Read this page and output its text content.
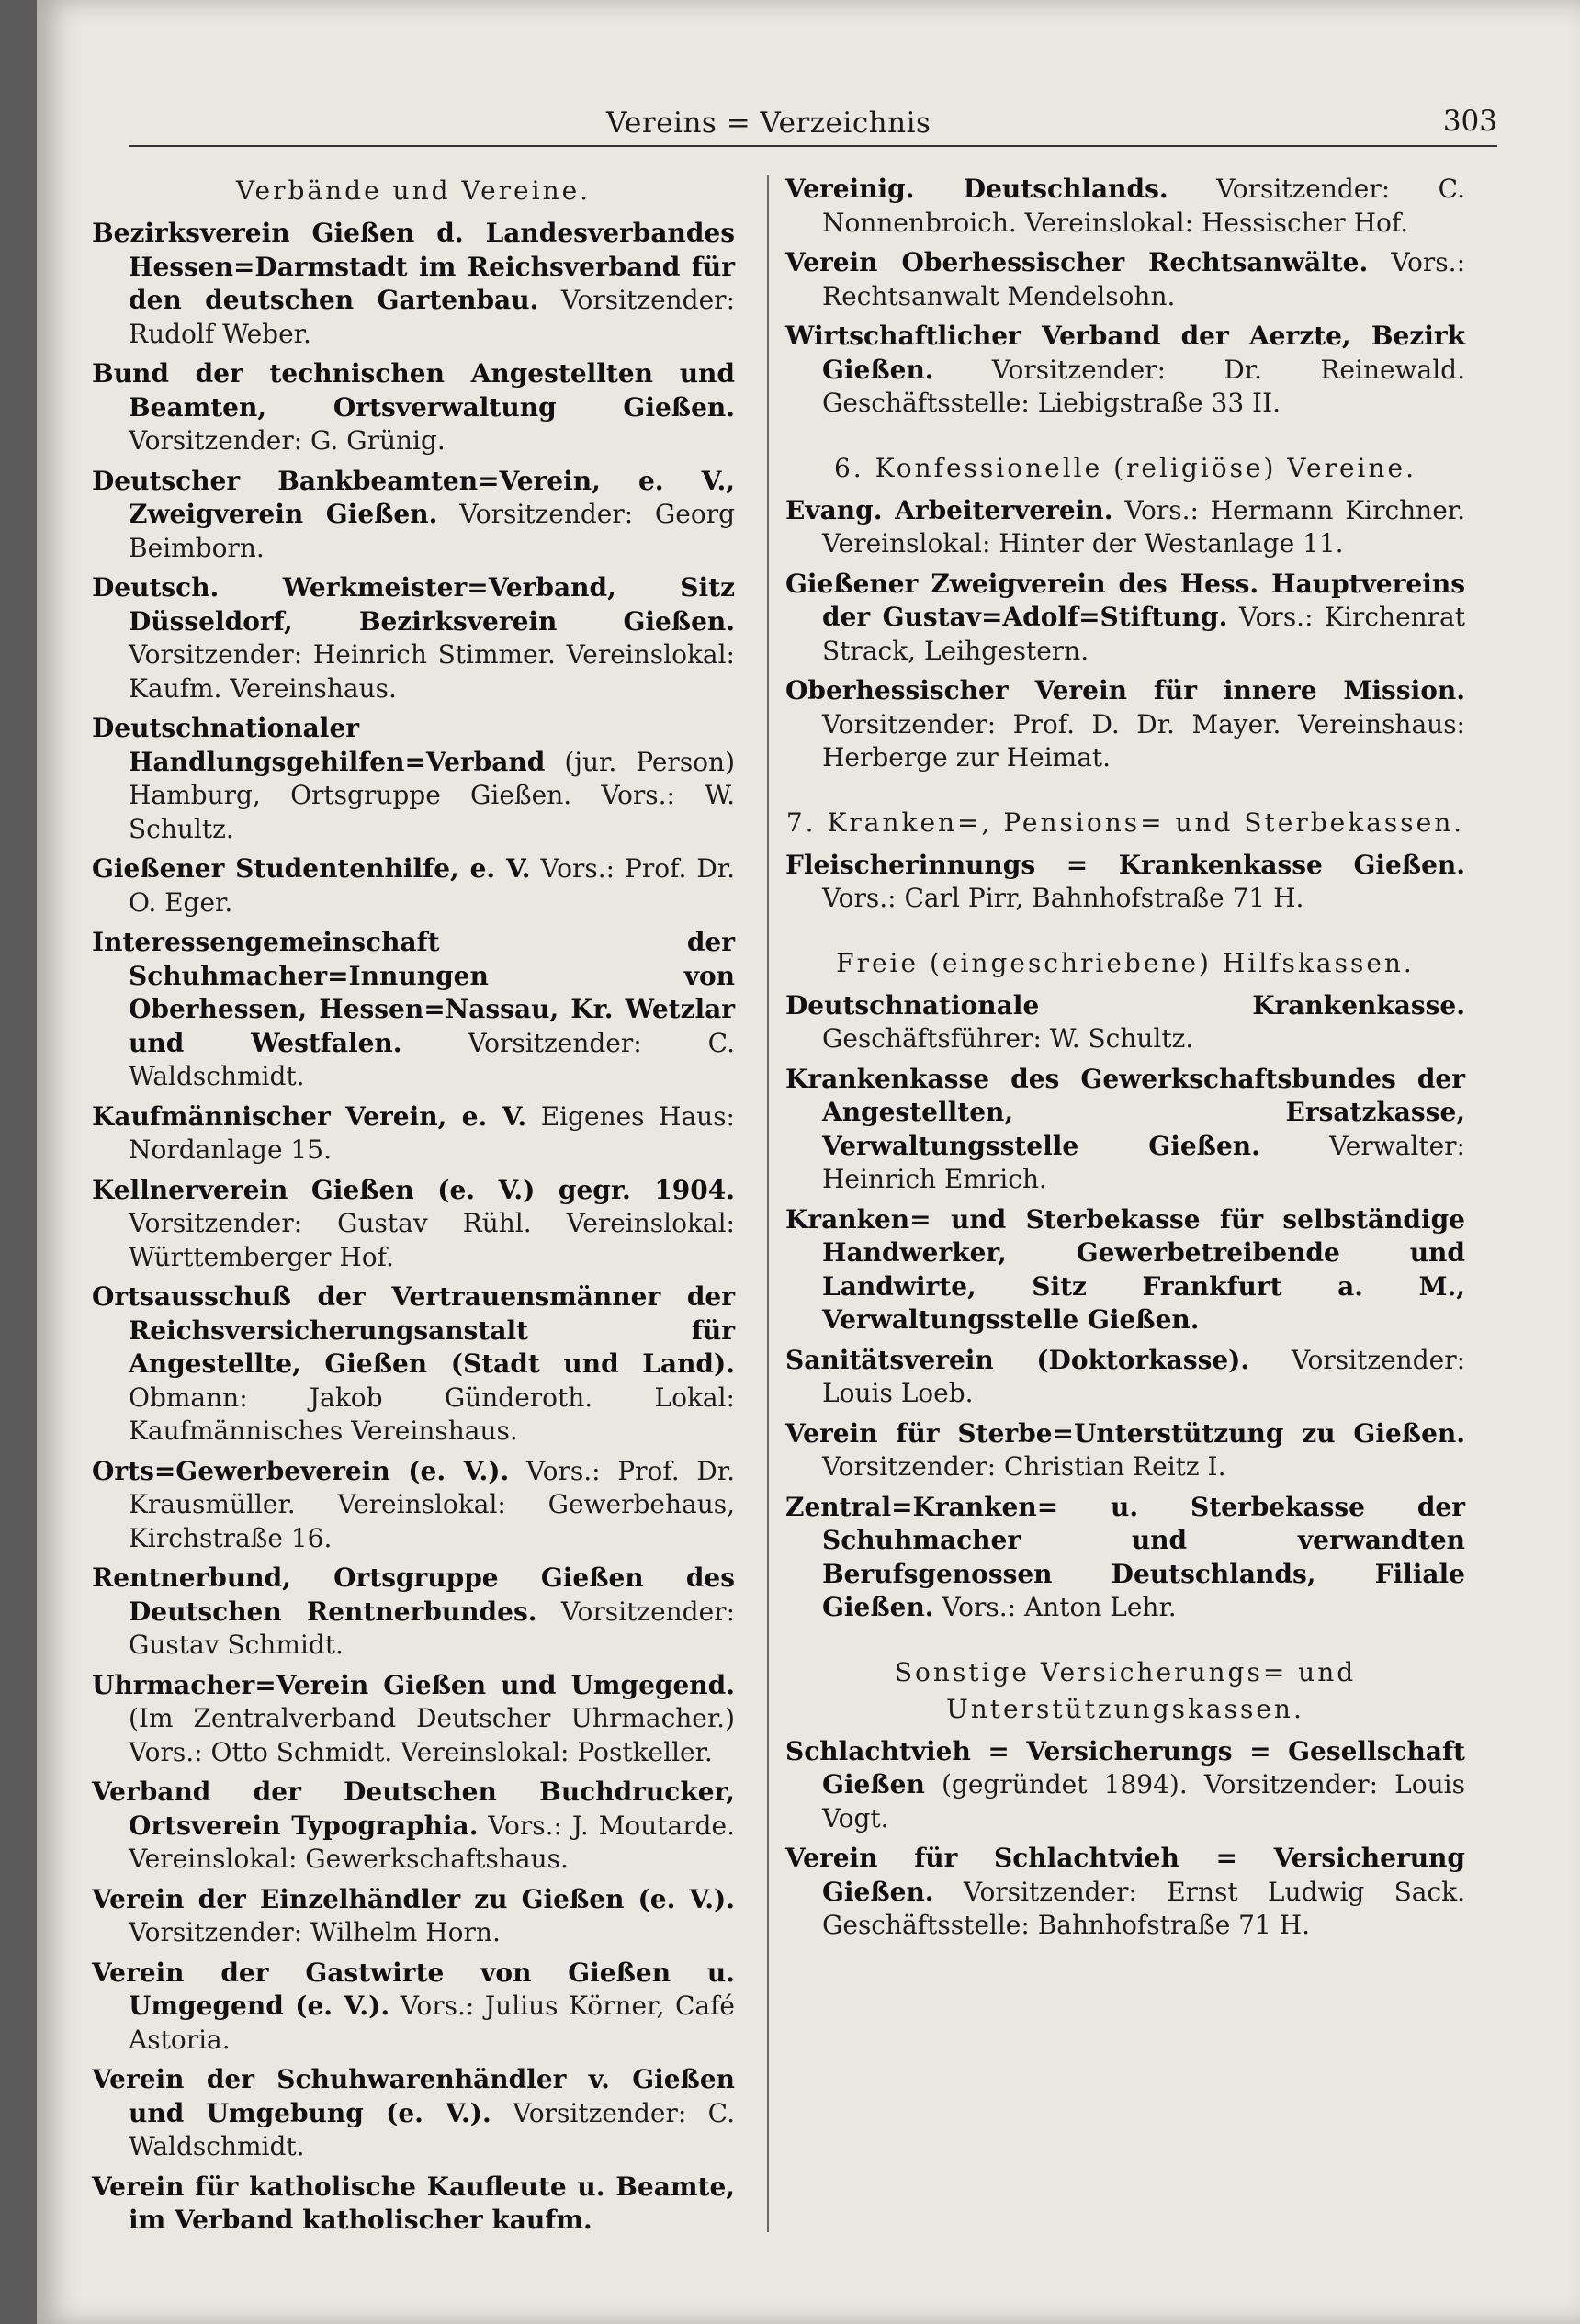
Vereins = Verzeichnis	303
Verbände und Vereine.

Bezirksverein Gießen d. Landesverbandes Hessen=Darmstadt im Reichsverband für den deutschen Gartenbau. Vorsitzender: Rudolf Weber.

Bund der technischen Angestellten und Beamten, Ortsverwaltung Gießen. Vorsitzender: G. Grünig.

Deutscher Bankbeamten=Verein, e. V., Zweigverein Gießen. Vorsitzender: Georg Beimborn.

Deutsch. Werkmeister=Verband, Sitz Düsseldorf, Bezirksverein Gießen. Vorsitzender: Heinrich Stimmer. Vereinslokal: Kaufm. Vereinshaus.

Deutschnationaler Handlungsgehilfen=Verband (jur. Person) Hamburg, Ortsgruppe Gießen. Vors.: W. Schultz.

Gießener Studentenhilfe, e. V. Vors.: Prof. Dr. O. Eger.

Interessengemeinschaft der Schuhmacher=Innungen von Oberhessen, Hessen=Nassau, Kr. Wetzlar und Westfalen.	Vorsitzender: C. Waldschmidt.

Kaufmännischer Verein, e. V. Eigenes Haus: Nordanlage 15.

Kellnerverein Gießen (e. V.) gegr. 1904. Vorsitzender: Gustav Rühl. Vereinslokal: Württemberger Hof.

Ortsausschuß der Vertrauensmänner der Reichsversicherungsanstalt für Angestellte, Gießen (Stadt und Land). Obmann: Jakob Günderoth. Lokal: Kaufmännisches Vereinshaus.

Orts=Gewerbeverein (e. V.). Vors.: Prof. Dr. Krausmüller. Vereinslokal: Gewerbehaus, Kirchstraße 16.

Rentnerbund, Ortsgruppe Gießen des Deutschen Rentnerbundes. Vorsitzender: Gustav Schmidt.

Uhrmacher=Verein Gießen und Umgegend. (Im Zentralverband Deutscher Uhrmacher.) Vors.: Otto Schmidt. Vereinslokal: Postkeller.

Verband der Deutschen Buchdrucker, Ortsverein Typographia. Vors.: J. Moutarde. Vereinslokal: Gewerkschaftshaus.

Verein der Einzelhändler zu Gießen (e. V.). Vorsitzender: Wilhelm Horn.

Verein der Gastwirte von Gießen u. Umgegend (e. V.). Vors.: Julius Körner, Café Astoria.

Verein der Schuhwarenhändler v. Gießen und Umgebung (e. V.). Vorsitzender: C. Waldschmidt.

Verein für katholische Kaufleute u. Beamte, im Verband katholischer kaufm.

Vereinig. Deutschlands. Vorsitzender: C. Nonnenbroich. Vereinslokal: Hessischer Hof.

Verein Oberhessischer Rechtsanwälte. Vors.: Rechtsanwalt Mendelsohn.

Wirtschaftlicher Verband der Aerzte, Bezirk Gießen. Vorsitzender: Dr. Reinewald. Geschäftsstelle: Liebigstraße 33 II.

6. Konfessionelle (religiöse) Vereine.

Evang. Arbeiterverein. Vors.: Hermann Kirchner. Vereinslokal: Hinter der Westanlage 11.

Gießener Zweigverein des Hess. Hauptvereins der Gustav=Adolf=Stiftung. Vors.: Kirchenrat Strack, Leihgestern.

Oberhessischer Verein für innere Mission. Vorsitzender: Prof. D. Dr. Mayer. Vereinshaus: Herberge zur Heimat.

7. Kranken=, Pensions= und Sterbekassen.

Fleischerinnungs = Krankenkasse Gießen. Vors.: Carl Pirr, Bahnhofstraße 71 H.

Freie (eingeschriebene) Hilfskassen.

Deutschnationale Krankenkasse. Geschäftsführer: W. Schultz.

Krankenkasse des Gewerkschaftsbundes der Angestellten, Ersatzkasse, Verwaltungsstelle Gießen.	Verwalter: Heinrich Emrich.

Kranken= und Sterbekasse für selbständige Handwerker, Gewerbetreibende und Landwirte, Sitz Frankfurt a. M., Verwaltungsstelle Gießen.

Sanitätsverein (Doktorkasse). Vorsitzender: Louis Loeb.

Verein für Sterbe=Unterstützung zu Gießen. Vorsitzender: Christian Reitz I.

Zentral=Kranken= u. Sterbekasse der Schuhmacher und verwandten Berufsgenossen Deutschlands, Filiale Gießen. Vors.: Anton Lehr.

Sonstige Versicherungs= und Unterstützungskassen.

Schlachtvieh = Versicherungs = Gesellschaft Gießen (gegründet 1894). Vorsitzender: Louis Vogt.

Verein für Schlachtvieh = Versicherung Gießen. Vorsitzender: Ernst Ludwig Sack. Geschäftsstelle: Bahnhofstraße 71 H.
